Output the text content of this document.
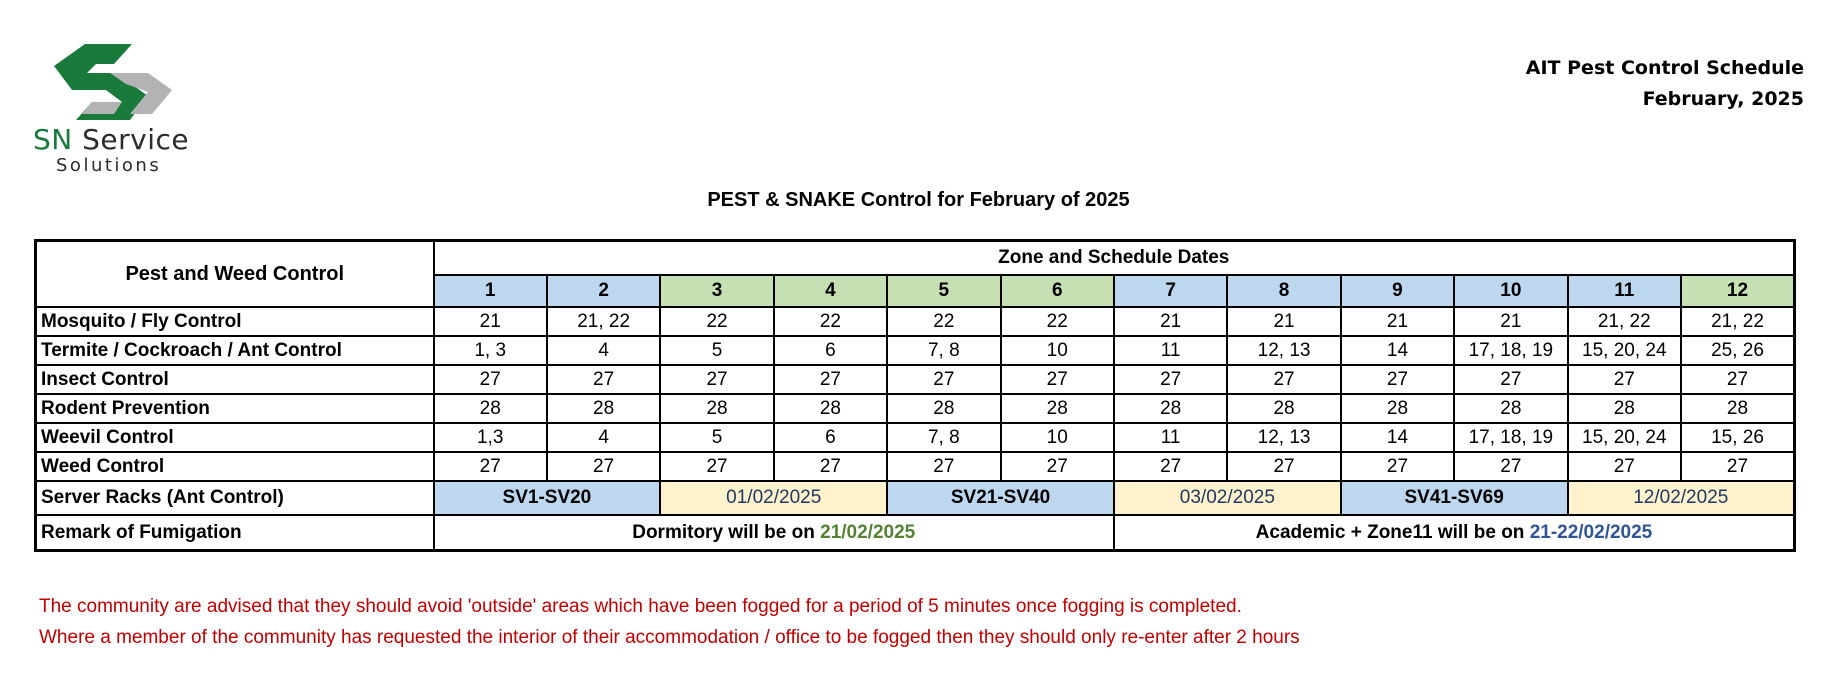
SN Service
Solutions
AIT Pest Control Schedule
February, 2025
PEST & SNAKE Control for February of 2025
Pest and Weed Control	Zone and Schedule Dates											
	1	2	3	4	5	6	7	8	9	10	11	12
Mosquito / Fly Control	21	21, 22	22	22	22	22	21	21	21	21	21, 22	21, 22
Termite / Cockroach / Ant Control	1, 3	4	5	6	7, 8	10	11	12, 13	14	17, 18, 19	15, 20, 24	25, 26
Insect Control	27	27	27	27	27	27	27	27	27	27	27	27
Rodent Prevention	28	28	28	28	28	28	28	28	28	28	28	28
Weevil Control	1,3	4	5	6	7, 8	10	11	12, 13	14	17, 18, 19	15, 20, 24	15, 26
Weed Control	27	27	27	27	27	27	27	27	27	27	27	27
Server Racks (Ant Control)	SV1-SV20		01/02/2025		SV21-SV40		03/02/2025		SV41-SV69		12/02/2025	
Remark of Fumigation	Dormitory will be on 21/02/2025						Academic + Zone11 will be on 21-22/02/2025					
The community are advised that they should avoid 'outside' areas which have been fogged for a period of 5 minutes once fogging is completed.
Where a member of the community has requested the interior of their accommodation / office to be fogged then they should only re-enter after 2 hours
